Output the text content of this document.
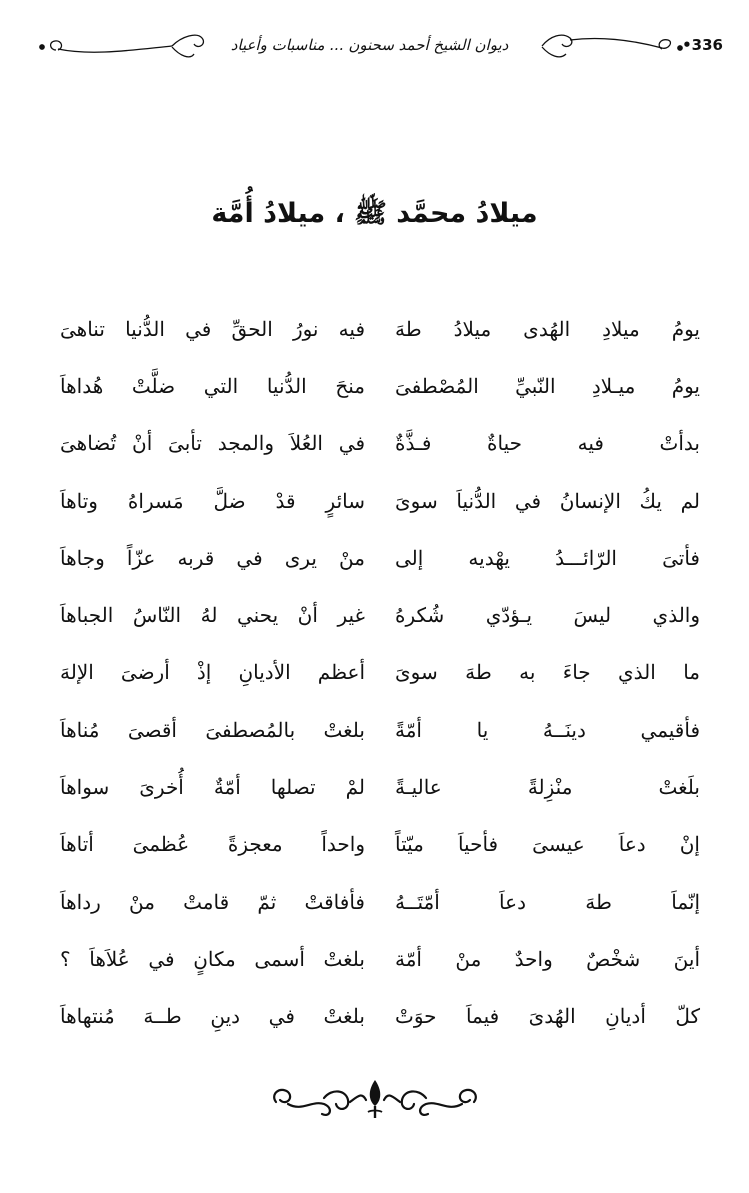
ديوان الشيخ أحمد سحنون ... مناسبات وأعياد	•336
ميلادُ محمَّد ﷺ ، ميلادُ أُمَّة
يومُ ميلادِ الهُدى ميلادُ طهَ
فيه نورُ الحقِّ في الدُّنيا تناهىَ
يومُ ميـلادِ النّبيِّ المُصْطفىَ
منحَ الدُّنيا التي ضلَّتْ هُداهاَ
بدأتْ فيه حياةٌ فـذَّةٌ
في العُلاَ والمجد تأبىَ أنْ تُضاهىَ
لم يكُ الإنسانُ في الدُّنياَ سوىَ
سائرٍ قدْ ضلَّ مَسراهُ وتاهاَ
فأتىَ الرّائـــدُ يهْديه إلى
منْ يرى في قربه عزّاً وجاهاَ
والذي ليسَ يـؤدّي شُكرهُ
غير أنْ يحني لهُ النّاسُ الجباهاَ
ما الذي جاءَ به طهَ سوىَ
أعظم الأديانِ إذْ أرضىَ الإلهَ
فأقيمي دينَــهُ يا أمّةً
بلغتْ بالمُصطفىَ أقصىَ مُناهاَ
بلَغتْ منْزِلةً عاليـةً
لمْ تصلها أمّةٌ أُخرىَ سواهاَ
إنْ دعاَ عيسىَ فأحياَ ميّتاً
واحداً معجزةً عُظمىَ أتاهاَ
إنّماَ طهَ دعاَ أمّتَــهُ
فأفاقتْ ثمّ قامتْ منْ رداهاَ
أينَ شخْصٌ واحدٌ منْ أمّة
بلغتْ أسمى مكانٍ في عُلاَهاَ ؟
كلّ أديانِ الهُدىَ فيماَ حوَتْ
بلغتْ في دينِ طــهَ مُنتهاهاَ
